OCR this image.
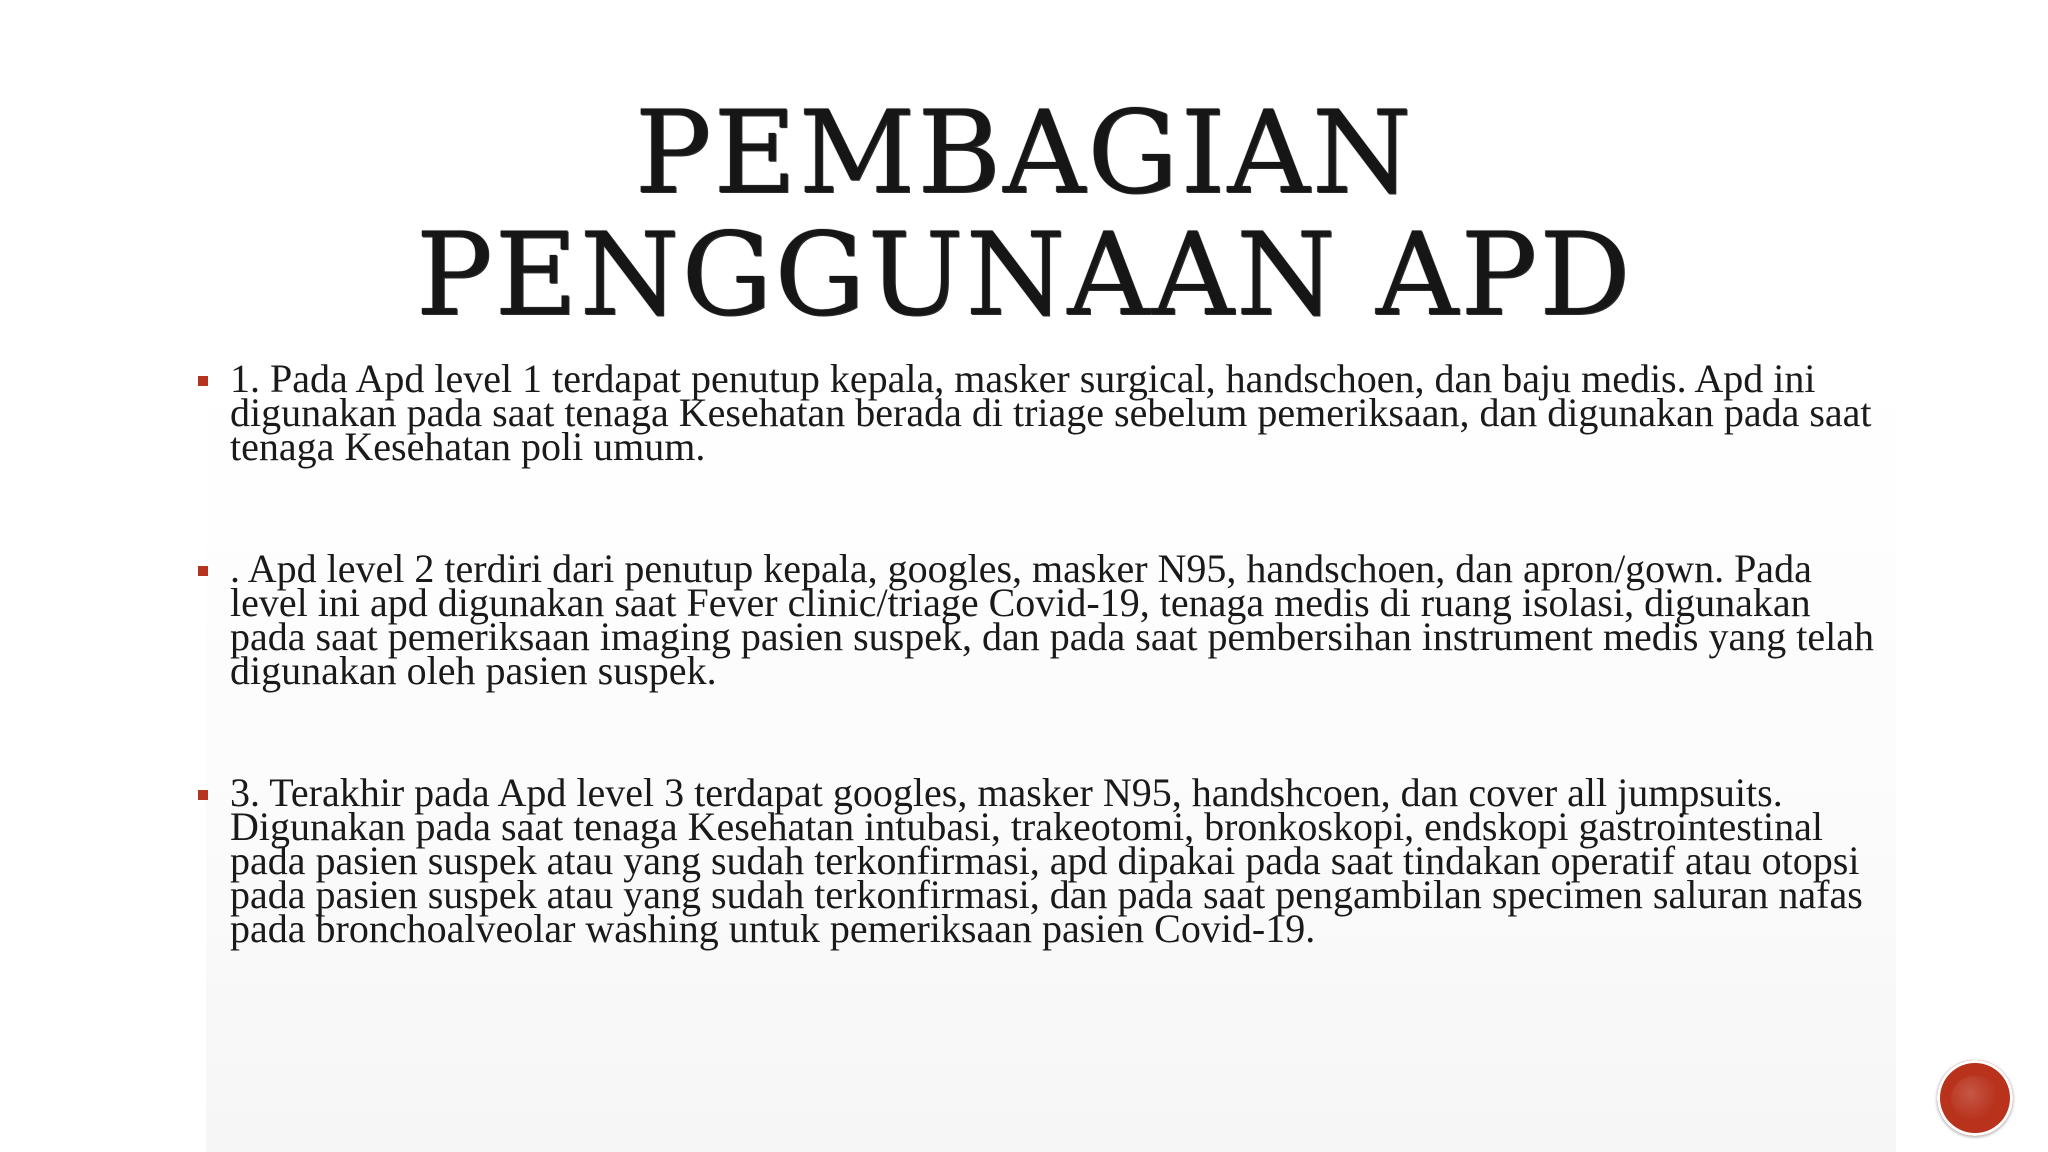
PEMBAGIAN
PENGGUNAAN APD
1. Pada Apd level 1 terdapat penutup kepala, masker surgical, handschoen, dan baju medis. Apd ini digunakan pada saat tenaga Kesehatan berada di triage sebelum pemeriksaan, dan digunakan pada saat tenaga Kesehatan poli umum.
. Apd level 2 terdiri dari penutup kepala, googles, masker N95, handschoen, dan apron/gown. Pada level ini apd digunakan saat Fever clinic/triage Covid-19, tenaga medis di ruang isolasi, digunakan pada saat pemeriksaan imaging pasien suspek, dan pada saat pembersihan instrument medis yang telah digunakan oleh pasien suspek.
3. Terakhir pada Apd level 3 terdapat googles, masker N95, handshcoen, dan cover all jumpsuits. Digunakan pada saat tenaga Kesehatan intubasi, trakeotomi, bronkoskopi, endskopi gastrointestinal pada pasien suspek atau yang sudah terkonfirmasi, apd dipakai pada saat tindakan operatif atau otopsi pada pasien suspek atau yang sudah terkonfirmasi, dan pada saat pengambilan specimen saluran nafas pada bronchoalveolar washing untuk pemeriksaan pasien Covid-19.
